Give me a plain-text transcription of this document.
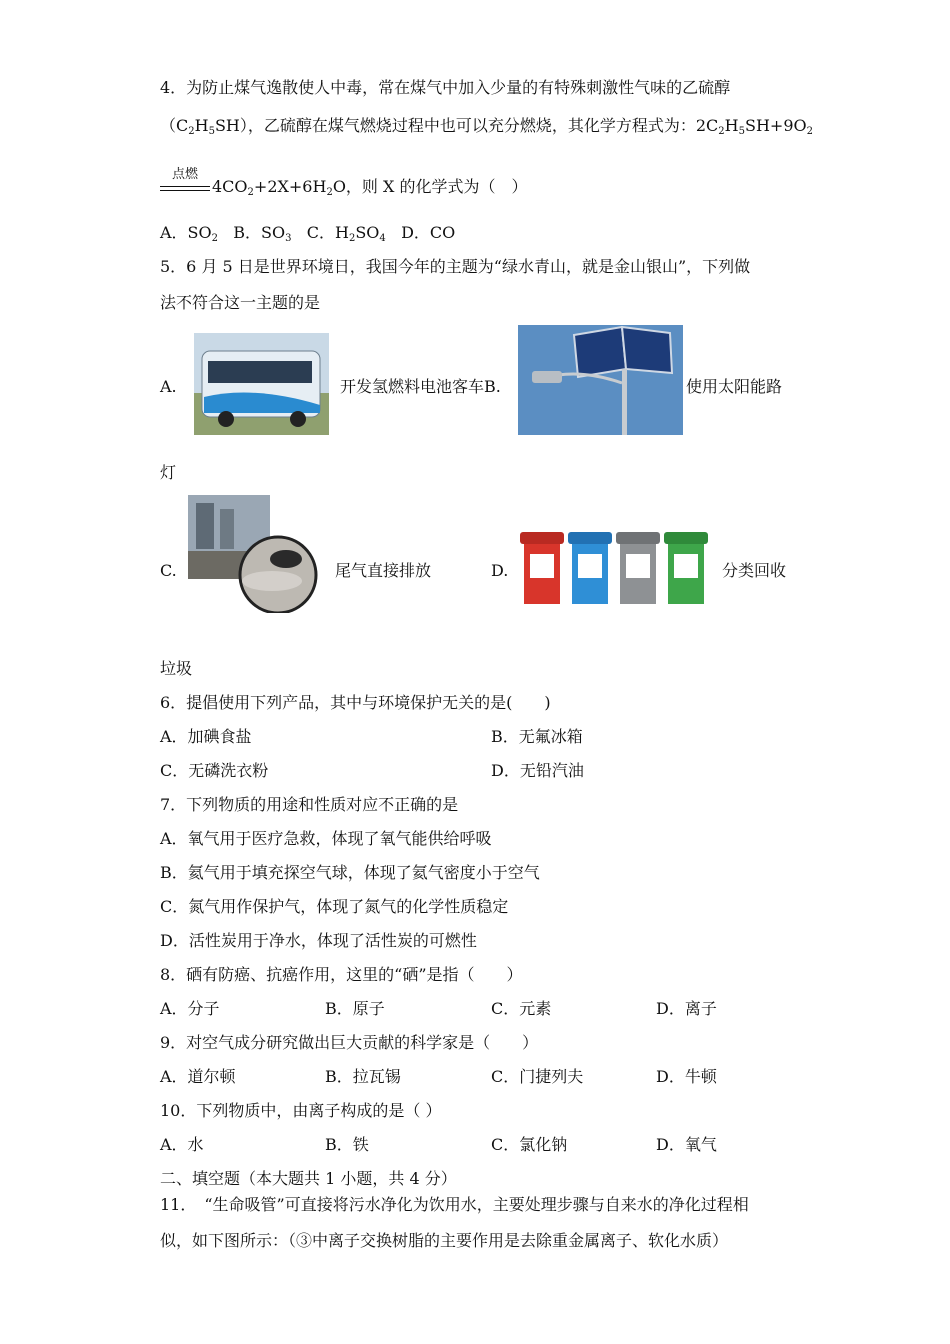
4．为防止煤气逸散使人中毒，常在煤气中加入少量的有特殊刺激性气味的乙硫醇
$(C_2H_5SH)$，乙硫醇在煤气燃烧过程中也可以充分燃烧，其化学方程式为：$2C_2H_5SH+9O_2$
点燃
$4CO_2+2X+6H_2O$，则 X 的化学式为（　）
A．$SO_2$ B．$SO_3$ C．$H_2SO_4$ D．CO
5．6 月 5 日是世界环境日，我国今年的主题为“绿水青山，就是金山银山”，下列做
法不符合这一主题的是
A.	开发氢燃料电池客车B.	使用太阳能路
灯
C.	尾气直接排放	D.	分类回收
垃圾
6．提倡使用下列产品，其中与环境保护无关的是(　　)
A．加碘食盐	B．无氟冰箱
C．无磷洗衣粉	D．无铅汽油
7．下列物质的用途和性质对应不正确的是
A．氧气用于医疗急救，体现了氧气能供给呼吸
B．氦气用于填充探空气球，体现了氦气密度小于空气
C．氮气用作保护气，体现了氮气的化学性质稳定
D．活性炭用于净水，体现了活性炭的可燃性
8．硒有防癌、抗癌作用，这里的“硒”是指（　　）
A．分子	B．原子	C．元素	D．离子
9．对空气成分研究做出巨大贡献的科学家是（　　）
A．道尔顿	B．拉瓦锡	C．门捷列夫	D．牛顿
10．下列物质中，由离子构成的是（ ）
A．水	B．铁	C．氯化钠	D．氧气
二、填空题（本大题共 1 小题，共 4 分）
11．　“生命吸管”可直接将污水净化为饮用水，主要处理步骤与自来水的净化过程相
似，如下图所示：（③中离子交换树脂的主要作用是去除重金属离子、软化水质）
